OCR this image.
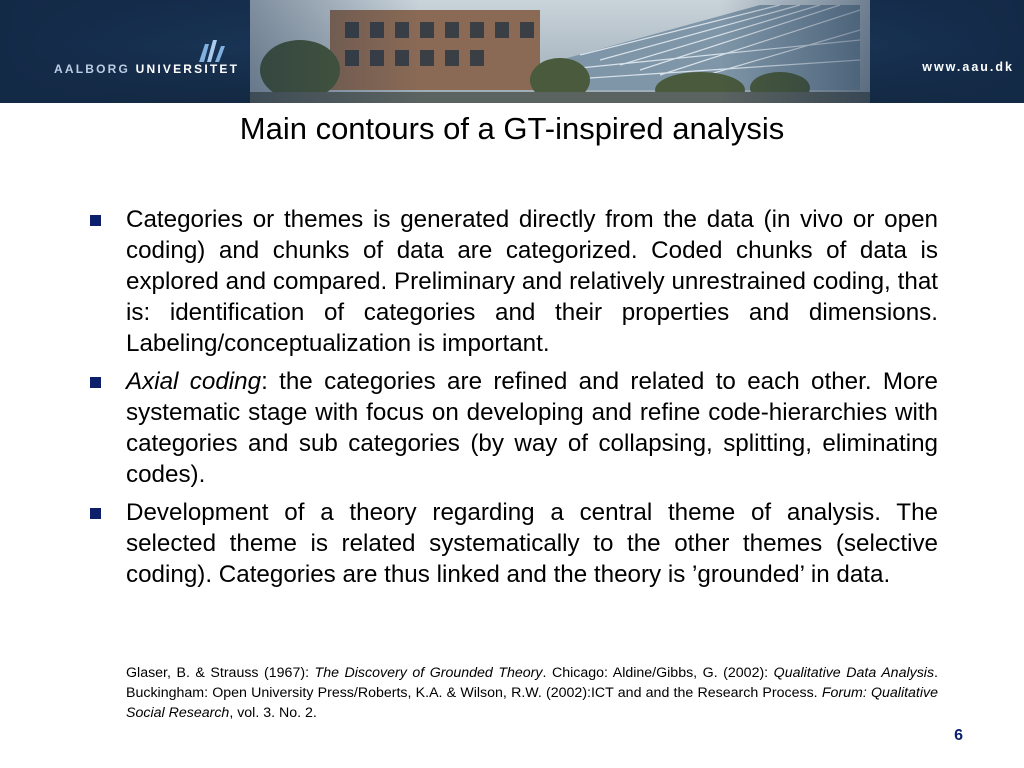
AALBORG UNIVERSITET	www.aau.dk
Main contours of a GT-inspired analysis
Categories or themes is generated directly from the data (in vivo or open coding) and chunks of data are categorized. Coded chunks of data is explored and compared. Preliminary and relatively unrestrained coding, that is: identification of categories and their properties and dimensions. Labeling/conceptualization is important.
Axial coding: the categories are refined and related to each other. More systematic stage with focus on developing and refine code-hierarchies with categories and sub categories (by way of collapsing, splitting, eliminating codes).
Development of a theory regarding a central theme of analysis. The selected theme is related systematically to the other themes (selective coding). Categories are thus linked and the theory is ’grounded’ in data.
Glaser, B. & Strauss (1967): The Discovery of Grounded Theory. Chicago: Aldine/Gibbs, G. (2002): Qualitative Data Analysis. Buckingham: Open University Press/Roberts, K.A. & Wilson, R.W. (2002):ICT and and the Research Process. Forum: Qualitative Social Research, vol. 3. No. 2.
6
